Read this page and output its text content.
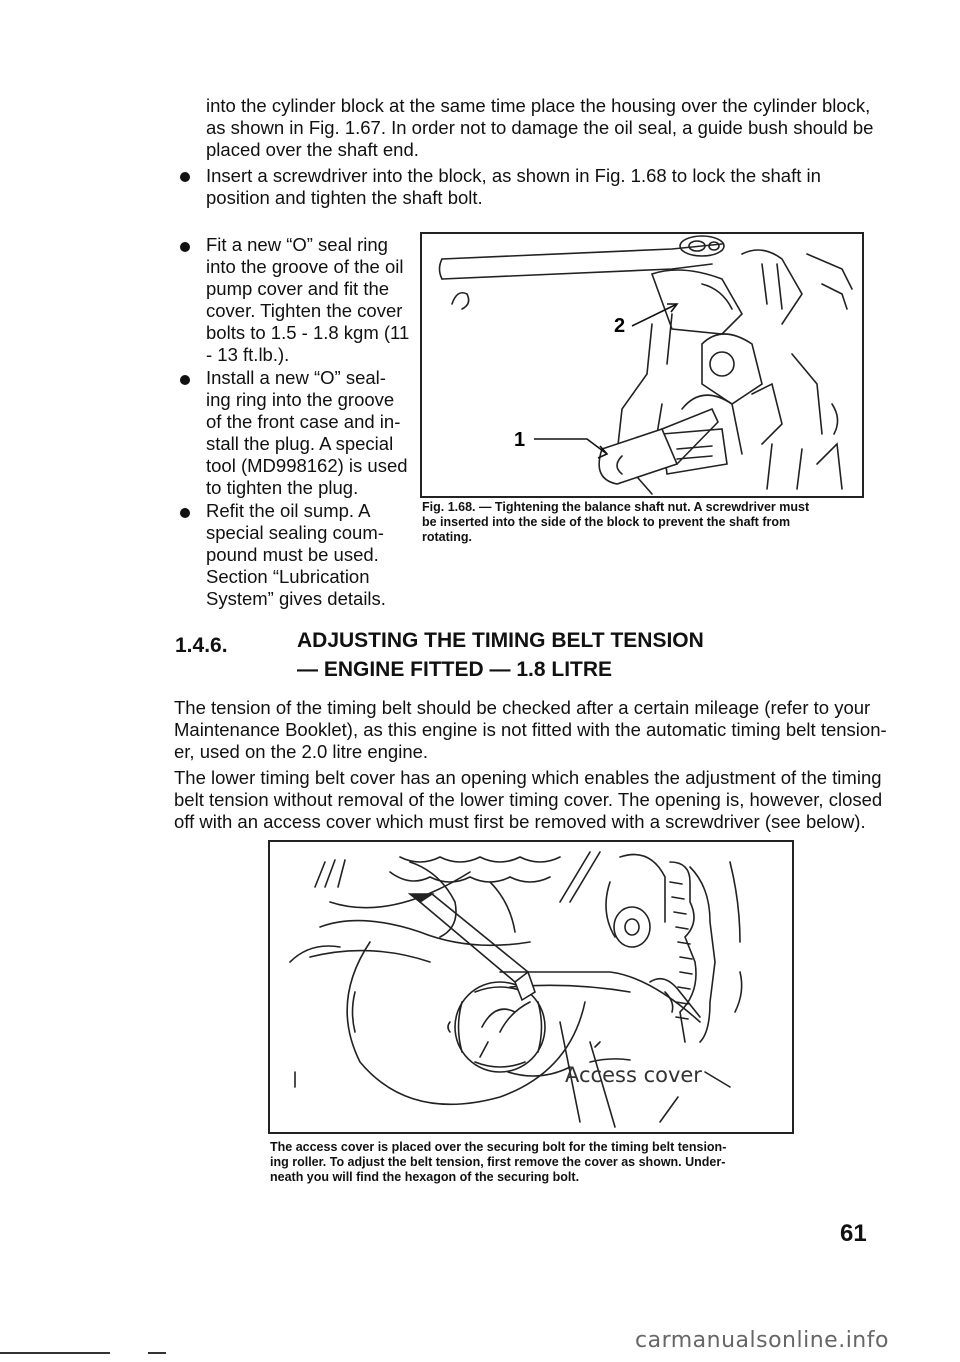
into the cylinder block at the same time place the housing over the cylinder block,
as shown in Fig. 1.67. In order not to damage the oil seal, a guide bush should be
placed over the shaft end.
Insert a screwdriver into the block, as shown in Fig. 1.68 to lock the shaft in
position and tighten the shaft bolt.
Fit a new “O” seal ring
into the groove of the oil
pump cover and fit the
cover. Tighten the cover
bolts to 1.5 - 1.8 kgm (11
- 13 ft.lb.).
Install a new “O” seal-
ing ring into the groove
of the front case and in-
stall the plug. A special
tool (MD998162) is used
to tighten the plug.
Refit the oil sump. A
special sealing coum-
pound must be used.
Section “Lubrication
System” gives details.
1
2
Fig. 1.68. — Tightening the balance shaft nut. A screwdriver must
be inserted into the side of the block to prevent the shaft from
rotating.
1.4.6.	ADJUSTING THE TIMING BELT TENSION
— ENGINE FITTED — 1.8 LITRE
The tension of the timing belt should be checked after a certain mileage (refer to your
Maintenance Booklet), as this engine is not fitted with the automatic timing belt tension-
er, used on the 2.0 litre engine.
The lower timing belt cover has an opening which enables the adjustment of the timing
belt tension without removal of the lower timing cover. The opening is, however, closed
off with an access cover which must first be removed with a screwdriver (see below).
Access cover
The access cover is placed over the securing bolt for the timing belt tension-
ing roller. To adjust the belt tension, first remove the cover as shown. Under-
neath you will find the hexagon of the securing bolt.
61
carmanualsonline.info
